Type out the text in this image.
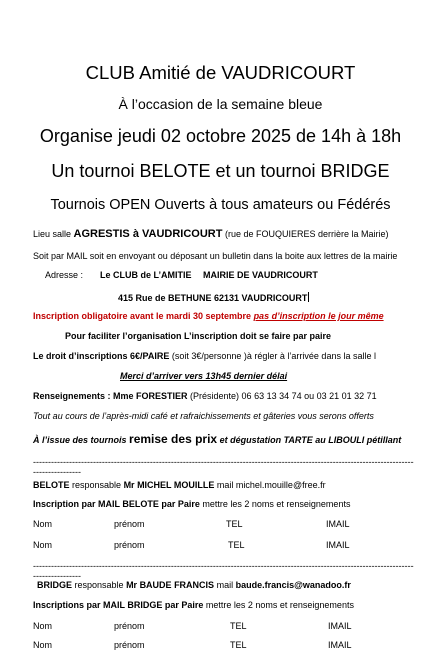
CLUB Amitié de VAUDRICOURT
À l’occasion de la semaine bleue
Organise jeudi 02 octobre 2025 de 14h à 18h
Un tournoi BELOTE et un tournoi BRIDGE
Tournois OPEN Ouverts à tous amateurs ou Fédérés
Lieu salle AGRESTIS à VAUDRICOURT (rue de FOUQUIERES derrière la Mairie)
Soit par MAIL soit en envoyant ou déposant un bulletin dans la boite aux lettres de la mairie
Adresse : Le CLUB de L’AMITIE MAIRIE DE VAUDRICOURT
415 Rue de BETHUNE 62131 VAUDRICOURT
Inscription obligatoire avant le mardi 30 septembre pas d’inscription le jour même
Pour faciliter l’organisation L’inscription doit se faire par paire
Le droit d’inscriptions 6€/PAIRE (soit 3€/personne )à régler à l’arrivée dans la salle l
Merci d’arriver vers 13h45 dernier délai
Renseignements : Mme FORESTIER (Présidente) 06 63 13 34 74 ou 03 21 01 32 71
Tout au cours de l’après-midi café et rafraichissements et gâteries vous serons offerts
À l’issue des tournois remise des prix et dégustation TARTE au LIBOULI pétillant
-----------------------------------------------------------------------------------------------------------------------------------------------
BELOTE responsable Mr MICHEL MOUILLE mail michel.mouille@free.fr
Inscription par MAIL BELOTE par Paire mettre les 2 noms et renseignements
Nom	prénom	TEL	IMAIL
Nom	prénom	TEL	IMAIL
-----------------------------------------------------------------------------------------------------------------------------------------------
BRIDGE responsable Mr BAUDE FRANCIS mail baude.francis@wanadoo.fr
Inscriptions par MAIL BRIDGE par Paire mettre les 2 noms et renseignements
Nom	prénom	TEL	IMAIL
Nom	prénom	TEL	IMAIL
